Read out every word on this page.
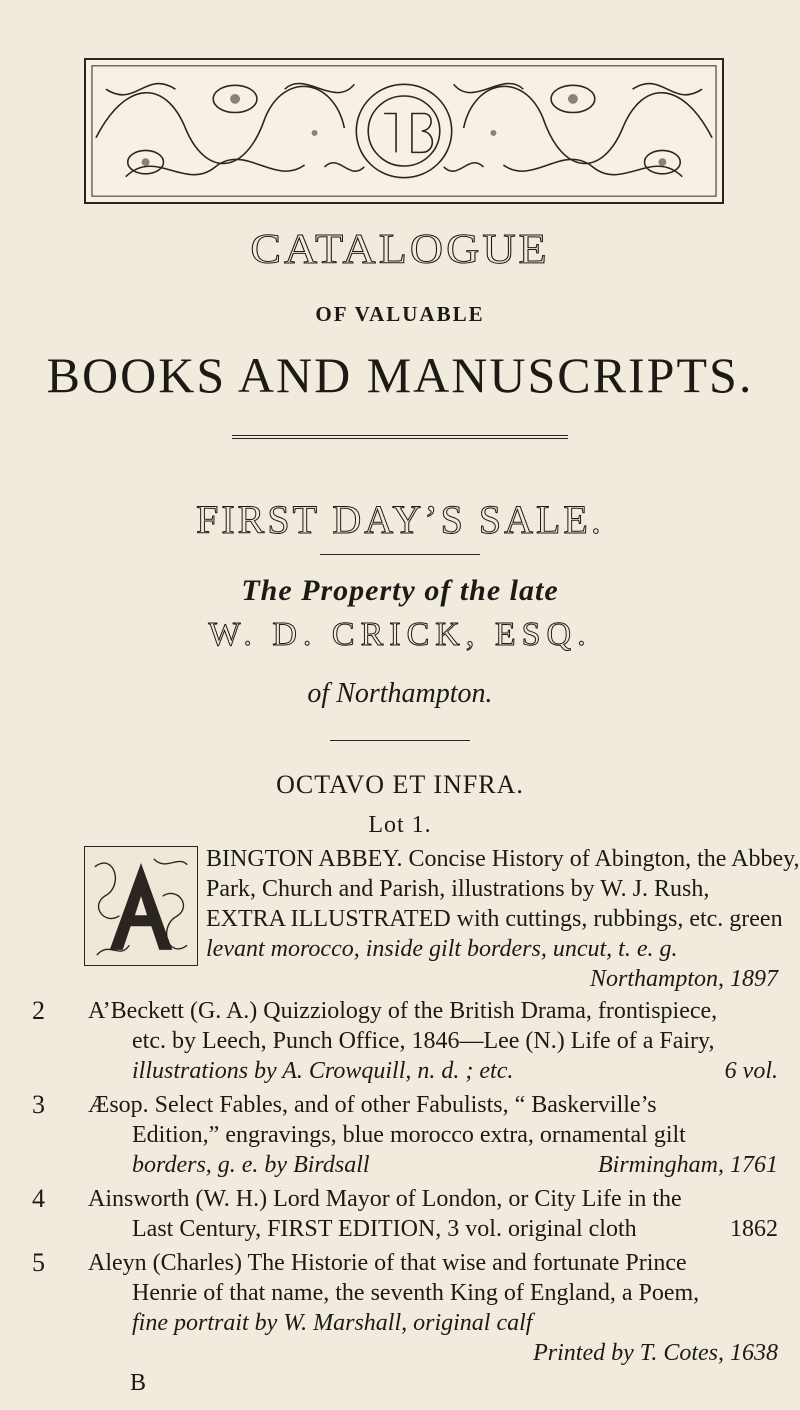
CATALOGUE
OF VALUABLE
BOOKS AND MANUSCRIPTS.
FIRST DAY’S SALE.
The Property of the late
W. D. CRICK, ESQ.
of Northampton.
OCTAVO ET INFRA.
Lot 1.
BINGTON ABBEY. Concise History of Abington, the Abbey,
Park, Church and Parish, illustrations by W. J. Rush,
EXTRA ILLUSTRATED with cuttings, rubbings, etc. green
levant morocco, inside gilt borders, uncut, t. e. g.
Northampton, 1897
2 A’Beckett (G. A.) Quizziology of the British Drama, frontispiece,
etc. by Leech, Punch Office, 1846—Lee (N.) Life of a Fairy,
illustrations by A. Crowquill, n. d. ; etc.	6 vol.
3 Æsop. Select Fables, and of other Fabulists, “ Baskerville’s
Edition,” engravings, blue morocco extra, ornamental gilt
borders, g. e. by Birdsall	Birmingham, 1761
4 Ainsworth (W. H.) Lord Mayor of London, or City Life in the
Last Century, FIRST EDITION, 3 vol. original cloth	1862
5 Aleyn (Charles) The Historie of that wise and fortunate Prince
Henrie of that name, the seventh King of England, a Poem,
fine portrait by W. Marshall, original calf
Printed by T. Cotes, 1638
B
